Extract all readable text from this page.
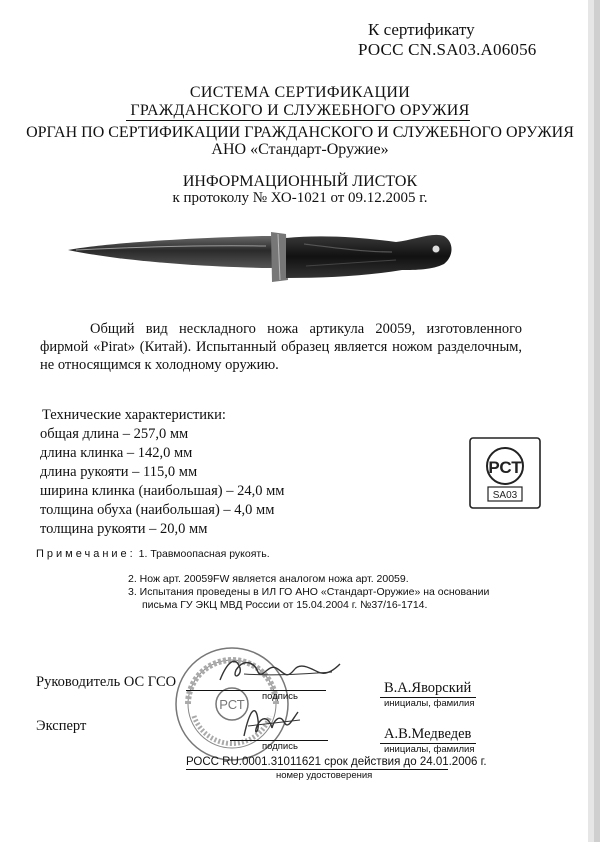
К сертификату
РОСС CN.SA03.A06056
СИСТЕМА СЕРТИФИКАЦИИ
ГРАЖДАНСКОГО И СЛУЖЕБНОГО ОРУЖИЯ
ОРГАН ПО СЕРТИФИКАЦИИ ГРАЖДАНСКОГО И СЛУЖЕБНОГО ОРУЖИЯ
АНО «Стандарт-Оружие»
ИНФОРМАЦИОННЫЙ ЛИСТОК
к протоколу № ХО-1021 от 09.12.2005 г.

Общий вид нескладного ножа артикула 20059, изготовленного фирмой «Pirat» (Китай). Испытанный образец является ножом разделочным, не относящимся к холодному оружию.

Технические характеристики:
общая длина – 257,0 мм
длина клинка – 142,0 мм
длина рукояти – 115,0 мм
ширина клинка (наибольшая) – 24,0 мм
толщина обуха (наибольшая) – 4,0 мм
толщина рукояти – 20,0 мм
РСТ
SA03
Примечание: 1. Травмоопасная рукоять.
2. Нож арт. 20059FW является аналогом ножа арт. 20059.
3. Испытания проведены в ИЛ ГО АНО «Стандарт-Оружие» на основании
письма ГУ ЭКЦ МВД России от 15.04.2004 г. №37/16-1714.
РСТ
Руководитель ОС ГСО
подпись
В.А.Яворский
инициалы, фамилия
Эксперт
подпись
А.В.Медведев
инициалы, фамилия
РОСС RU.0001.31011621 срок действия до 24.01.2006 г.
номер удостоверения
